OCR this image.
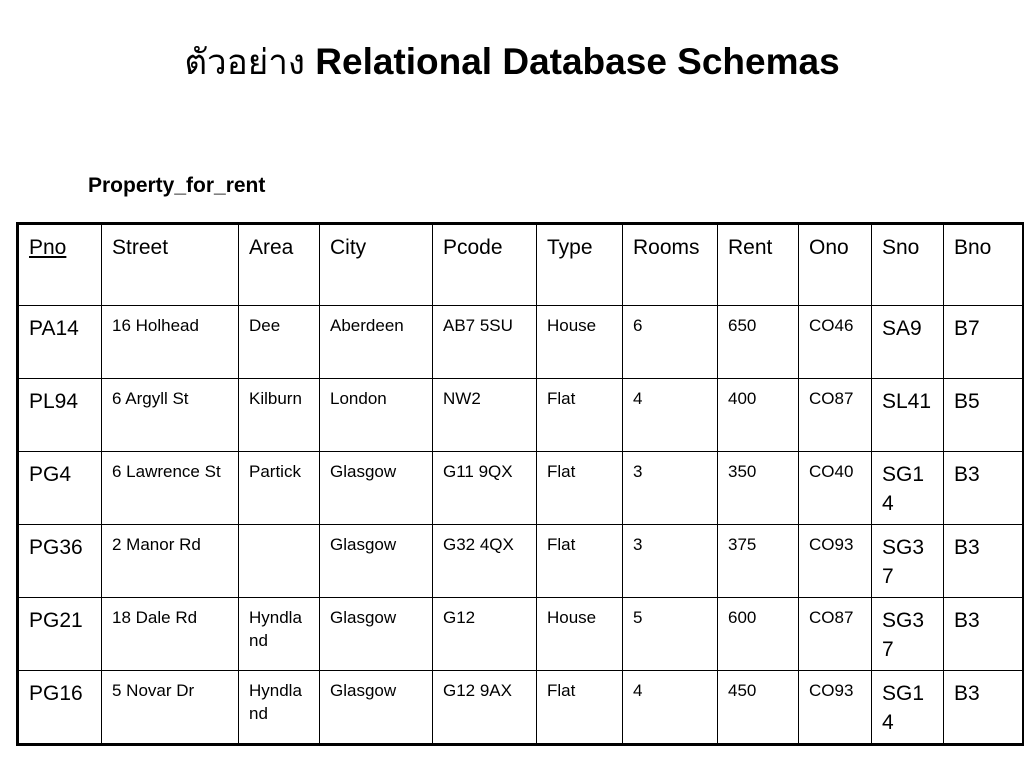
ตัวอย่าง Relational Database Schemas
Property_for_rent
Pno	Street	Area	City	Pcode	Type	Rooms	Rent	Ono	Sno	Bno
PA14	16 Holhead	Dee	Aberdeen	AB7 5SU	House	6	650	CO46	SA9	B7
PL94	6 Argyll St	Kilburn	London	NW2	Flat	4	400	CO87	SL41	B5
PG4	6 Lawrence St	Partick	Glasgow	G11 9QX	Flat	3	350	CO40	SG14	B3
PG36	2 Manor Rd		Glasgow	G32 4QX	Flat	3	375	CO93	SG37	B3
PG21	18 Dale Rd	Hyndland	Glasgow	G12	House	5	600	CO87	SG37	B3
PG16	5 Novar Dr	Hyndland	Glasgow	G12 9AX	Flat	4	450	CO93	SG14	B3
